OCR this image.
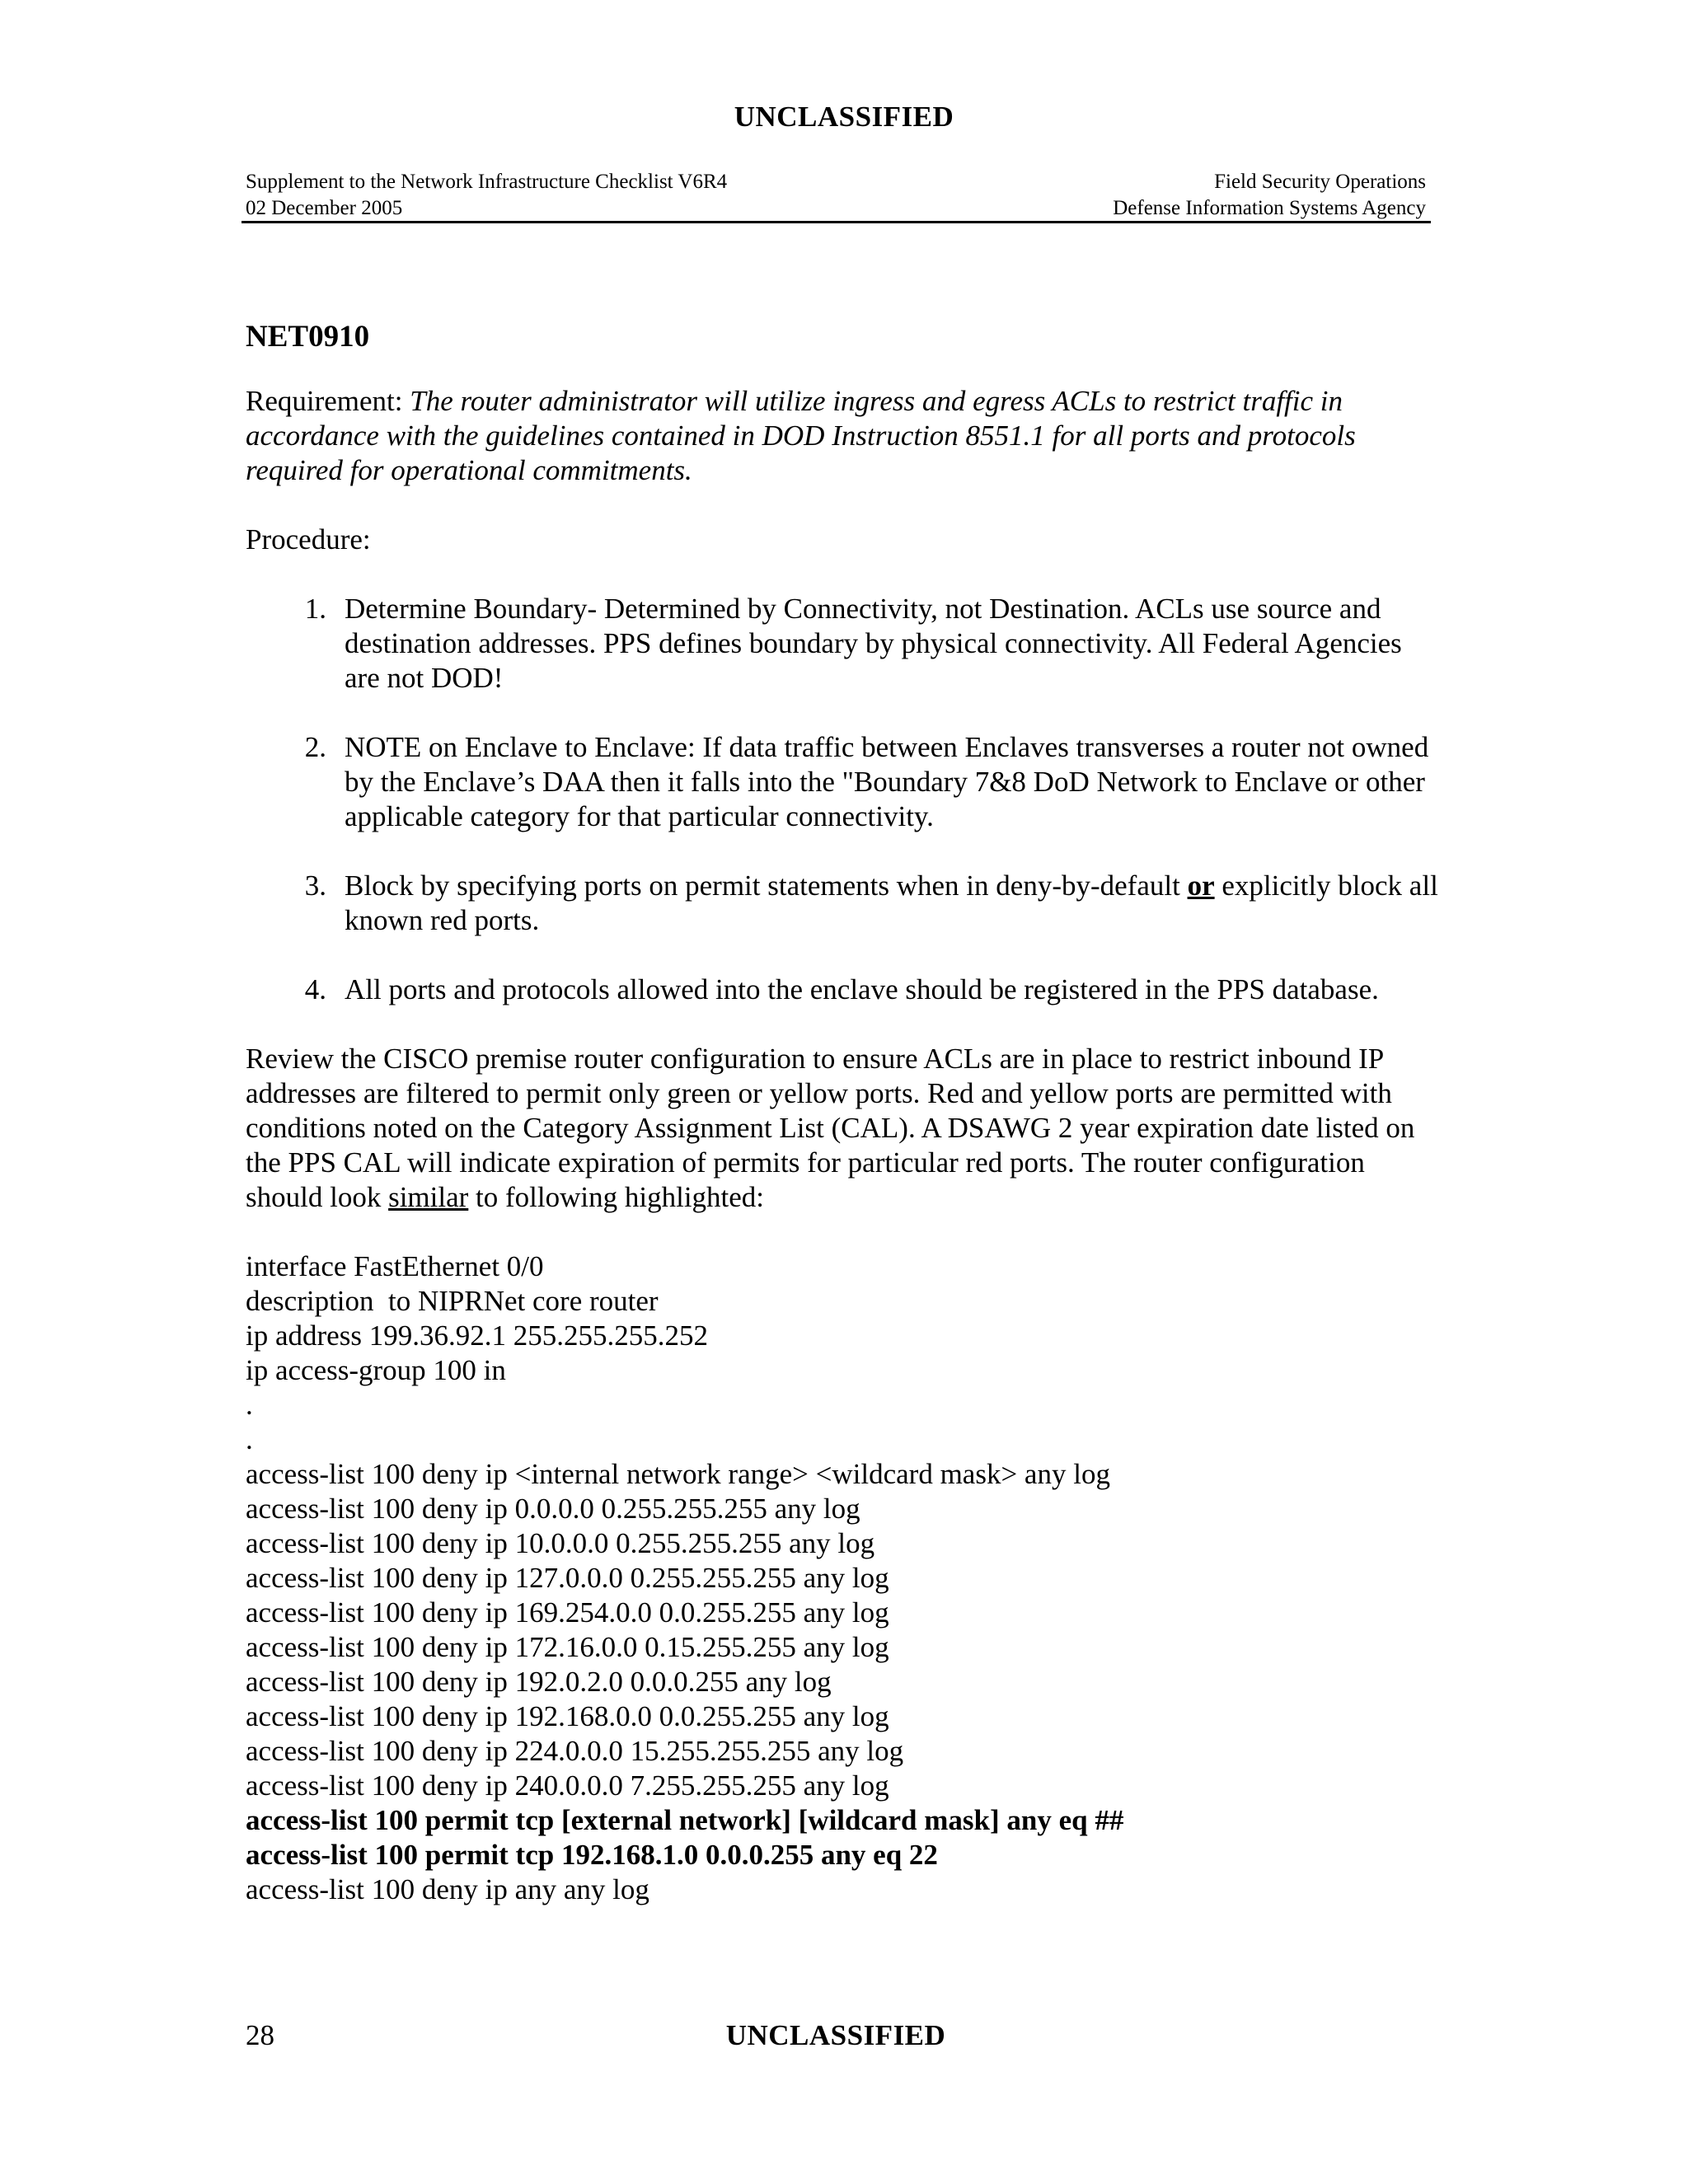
UNCLASSIFIED
Supplement to the Network Infrastructure Checklist V6R4	Field Security Operations
02 December 2005	Defense Information Systems Agency
NET0910

Requirement: The router administrator will utilize ingress and egress ACLs to restrict traffic in accordance with the guidelines contained in DOD Instruction 8551.1 for all ports and protocols required for operational commitments.

Procedure:

1. Determine Boundary- Determined by Connectivity, not Destination. ACLs use source and destination addresses. PPS defines boundary by physical connectivity. All Federal Agencies are not DOD!
2. NOTE on Enclave to Enclave: If data traffic between Enclaves transverses a router not owned by the Enclave’s DAA then it falls into the "Boundary 7&8 DoD Network to Enclave or other applicable category for that particular connectivity.
3. Block by specifying ports on permit statements when in deny-by-default or explicitly block all known red ports.
4. All ports and protocols allowed into the enclave should be registered in the PPS database.

Review the CISCO premise router configuration to ensure ACLs are in place to restrict inbound IP addresses are filtered to permit only green or yellow ports. Red and yellow ports are permitted with conditions noted on the Category Assignment List (CAL). A DSAWG 2 year expiration date listed on the PPS CAL will indicate expiration of permits for particular red ports. The router configuration should look similar to following highlighted:

interface FastEthernet 0/0
description  to NIPRNet core router
ip address 199.36.92.1 255.255.255.252
ip access-group 100 in
.
.
access-list 100 deny ip <internal network range> <wildcard mask> any log
access-list 100 deny ip 0.0.0.0 0.255.255.255 any log
access-list 100 deny ip 10.0.0.0 0.255.255.255 any log
access-list 100 deny ip 127.0.0.0 0.255.255.255 any log
access-list 100 deny ip 169.254.0.0 0.0.255.255 any log
access-list 100 deny ip 172.16.0.0 0.15.255.255 any log
access-list 100 deny ip 192.0.2.0 0.0.0.255 any log
access-list 100 deny ip 192.168.0.0 0.0.255.255 any log
access-list 100 deny ip 224.0.0.0 15.255.255.255 any log
access-list 100 deny ip 240.0.0.0 7.255.255.255 any log
access-list 100 permit tcp [external network] [wildcard mask] any eq ##
access-list 100 permit tcp 192.168.1.0 0.0.0.255 any eq 22
access-list 100 deny ip any any log
28	UNCLASSIFIED
